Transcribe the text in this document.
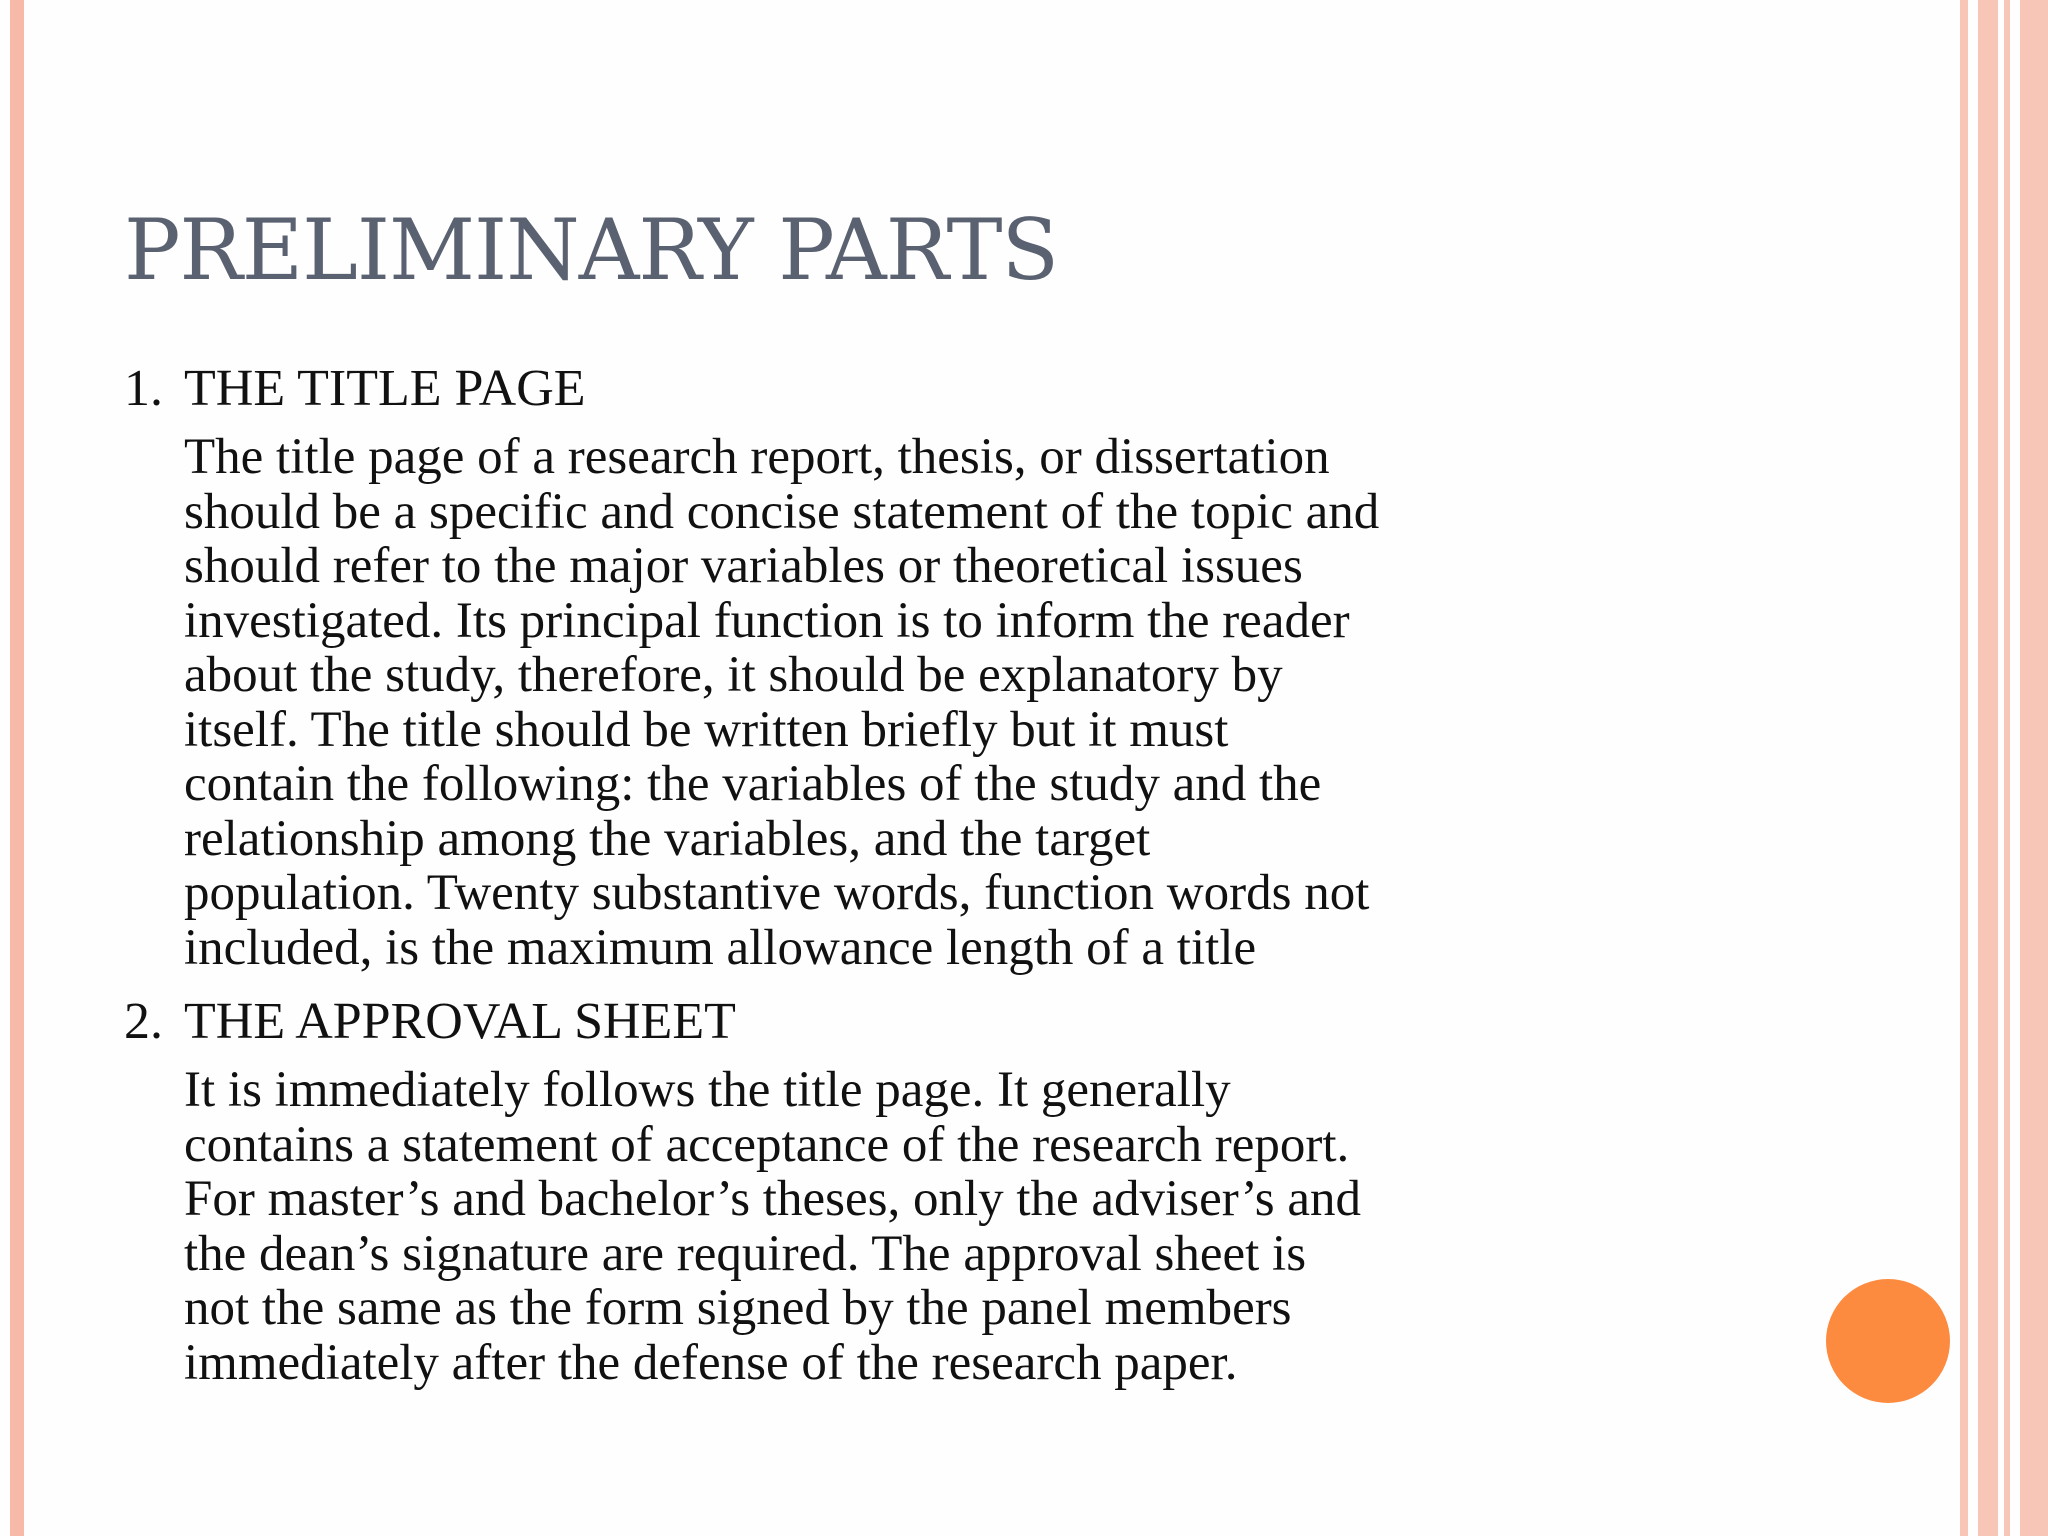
PRELIMINARY PARTS
1. THE TITLE PAGE
The title page of a research report, thesis, or dissertation
should be a specific and concise statement of the topic and
should refer to the major variables or theoretical issues
investigated. Its principal function is to inform the reader
about the study, therefore, it should be explanatory by
itself. The title should be written briefly but it must
contain the following: the variables of the study and the
relationship among the variables, and the target
population. Twenty substantive words, function words not
included, is the maximum allowance length of a title
2. THE APPROVAL SHEET
It is immediately follows the title page. It generally
contains a statement of acceptance of the research report.
For master’s and bachelor’s theses, only the adviser’s and
the dean’s signature are required. The approval sheet is
not the same as the form signed by the panel members
immediately after the defense of the research paper.
